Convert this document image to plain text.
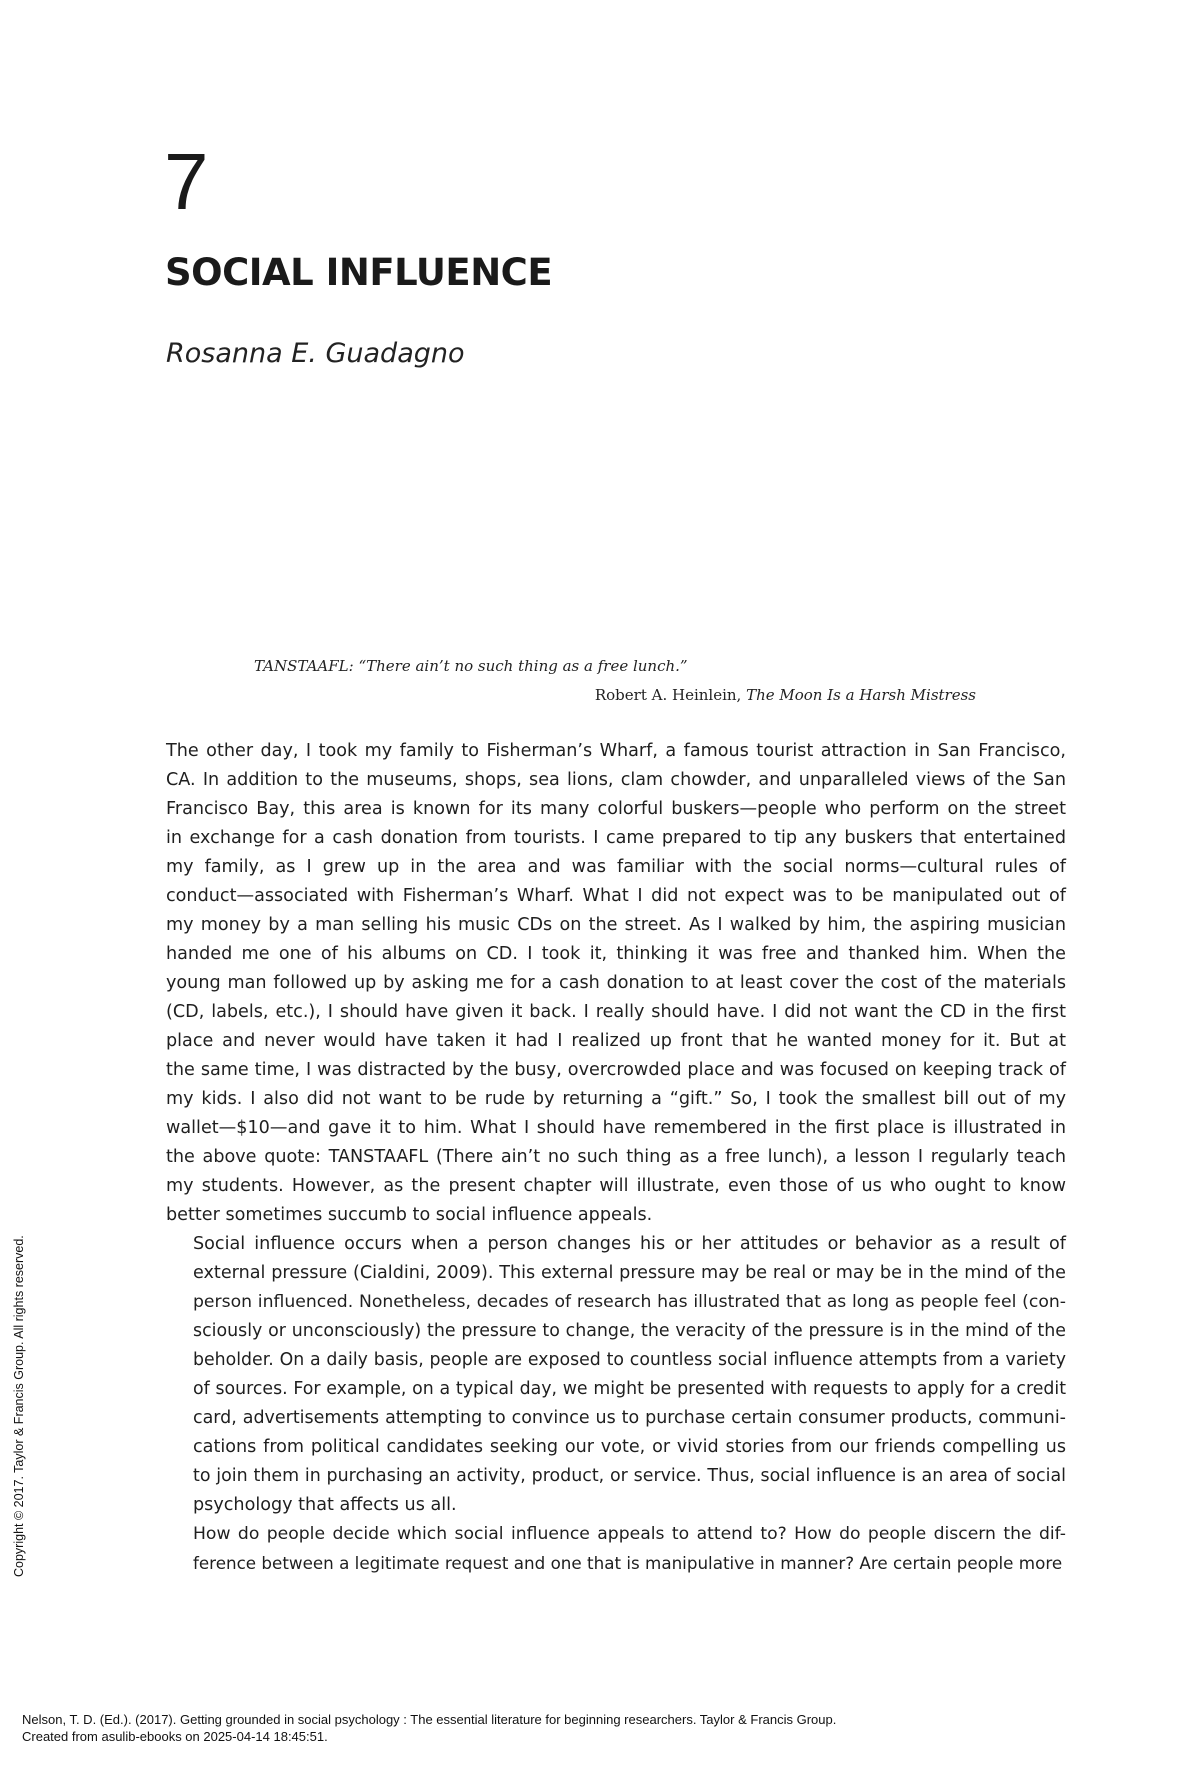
7
SOCIAL INFLUENCE
Rosanna E. Guadagno

TANSTAAFL: “There ain’t no such thing as a free lunch.”

Robert A. Heinlein, The Moon Is a Harsh Mistress

The other day, I took my family to Fisherman’s Wharf, a famous tourist attraction in San Francisco,
CA. In addition to the museums, shops, sea lions, clam chowder, and unparalleled views of the San
Francisco Bay, this area is known for its many colorful buskers—people who perform on the street
in exchange for a cash donation from tourists. I came prepared to tip any buskers that entertained
my family, as I grew up in the area and was familiar with the social norms—cultural rules of
conduct—associated with Fisherman’s Wharf. What I did not expect was to be manipulated out of
my money by a man selling his music CDs on the street. As I walked by him, the aspiring musician
handed me one of his albums on CD. I took it, thinking it was free and thanked him. When the
young man followed up by asking me for a cash donation to at least cover the cost of the materials
(CD, labels, etc.), I should have given it back. I really should have. I did not want the CD in the first
place and never would have taken it had I realized up front that he wanted money for it. But at
the same time, I was distracted by the busy, overcrowded place and was focused on keeping track of
my kids. I also did not want to be rude by returning a “gift.” So, I took the smallest bill out of my
wallet—$10—and gave it to him. What I should have remembered in the first place is illustrated in
the above quote: TANSTAAFL (There ain’t no such thing as a free lunch), a lesson I regularly teach
my students. However, as the present chapter will illustrate, even those of us who ought to know
better sometimes succumb to social influence appeals.

Social influence occurs when a person changes his or her attitudes or behavior as a result of
external pressure (Cialdini, 2009). This external pressure may be real or may be in the mind of the
person influenced. Nonetheless, decades of research has illustrated that as long as people feel (con-
sciously or unconsciously) the pressure to change, the veracity of the pressure is in the mind of the
beholder. On a daily basis, people are exposed to countless social influence attempts from a variety
of sources. For example, on a typical day, we might be presented with requests to apply for a credit
card, advertisements attempting to convince us to purchase certain consumer products, communi-
cations from political candidates seeking our vote, or vivid stories from our friends compelling us
to join them in purchasing an activity, product, or service. Thus, social influence is an area of social
psychology that affects us all.

How do people decide which social influence appeals to attend to? How do people discern the dif-
ference between a legitimate request and one that is manipulative in manner? Are certain people more

Copyright © 2017. Taylor & Francis Group. All rights reserved.
Nelson, T. D. (Ed.). (2017). Getting grounded in social psychology : The essential literature for beginning researchers. Taylor & Francis Group.
Created from asulib-ebooks on 2025-04-14 18:45:51.
